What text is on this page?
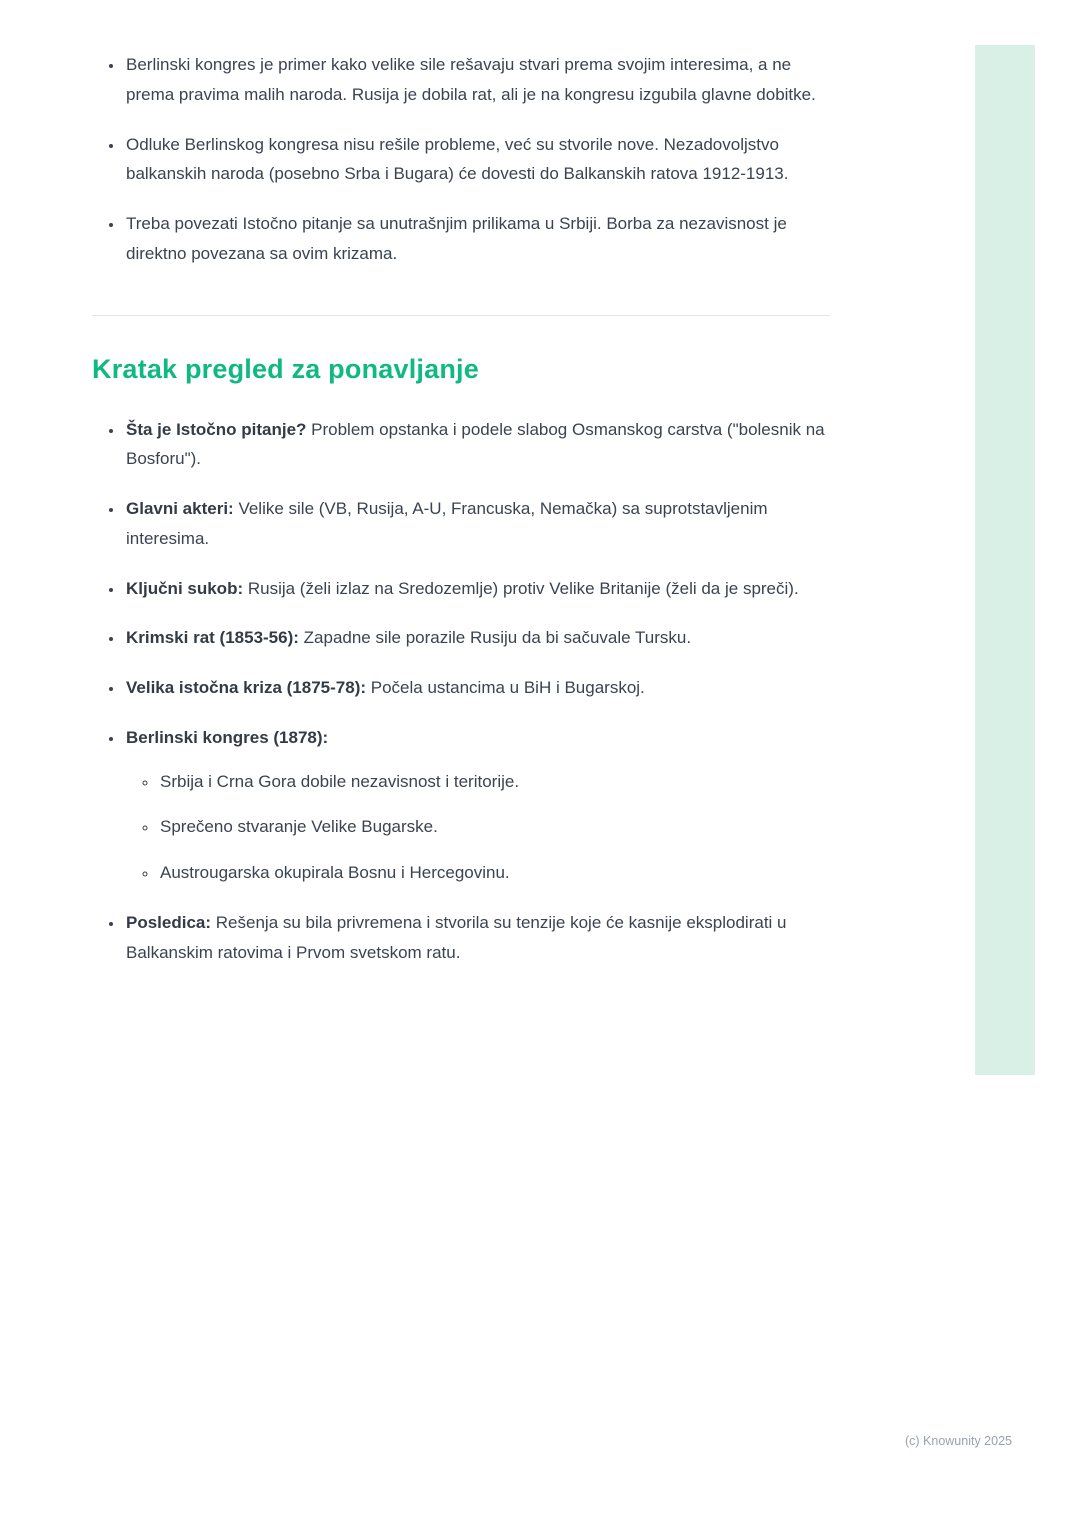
• Berlinski kongres je primer kako velike sile rešavaju stvari prema svojim interesima, a ne prema pravima malih naroda. Rusija je dobila rat, ali je na kongresu izgubila glavne dobitke.
• Odluke Berlinskog kongresa nisu rešile probleme, već su stvorile nove. Nezadovoljstvo balkanskih naroda (posebno Srba i Bugara) će dovesti do Balkanskih ratova 1912-1913.
• Treba povezati Istočno pitanje sa unutrašnjim prilikama u Srbiji. Borba za nezavisnost je direktno povezana sa ovim krizama.
Kratak pregled za ponavljanje
• Šta je Istočno pitanje? Problem opstanka i podele slabog Osmanskog carstva ("bolesnik na Bosforu").
• Glavni akteri: Velike sile (VB, Rusija, A-U, Francuska, Nemačka) sa suprotstavljenim interesima.
• Ključni sukob: Rusija (želi izlaz na Sredozemlje) protiv Velike Britanije (želi da je spreči).
• Krimski rat (1853-56): Zapadne sile porazile Rusiju da bi sačuvale Tursku.
• Velika istočna kriza (1875-78): Počela ustancima u BiH i Bugarskoj.
• Berlinski kongres (1878):
◦ Srbija i Crna Gora dobile nezavisnost i teritorije.
◦ Sprečeno stvaranje Velike Bugarske.
◦ Austrougarska okupirala Bosnu i Hercegovinu.
• Posledica: Rešenja su bila privremena i stvorila su tenzije koje će kasnije eksplodirati u Balkanskim ratovima i Prvom svetskom ratu.
(c) Knowunity 2025
